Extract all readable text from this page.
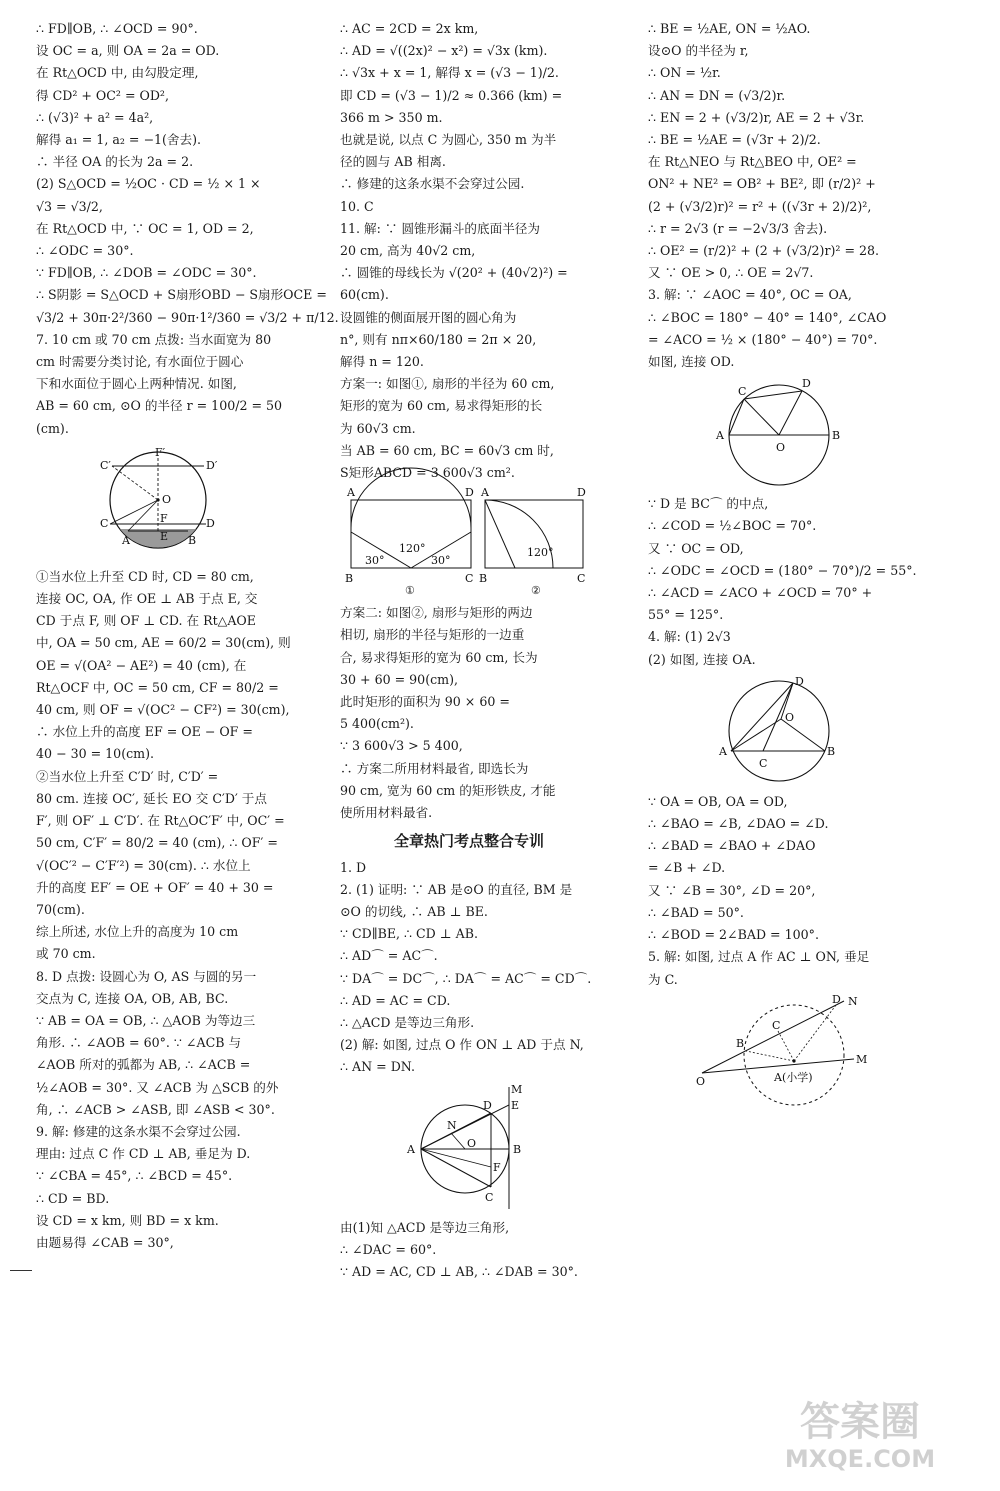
∴ FD∥OB, ∴ ∠OCD = 90°.
设 OC = a, 则 OA = 2a = OD.
在 Rt△OCD 中, 由勾股定理,
得 CD² + OC² = OD²,
∴ (√3)² + a² = 4a²,
解得 a₁ = 1, a₂ = −1(舍去).
∴ 半径 OA 的长为 2a = 2.
(2) S△OCD = ½OC · CD = ½ × 1 ×
√3 = √3/2,
在 Rt△OCD 中, ∵ OC = 1, OD = 2,
∴ ∠ODC = 30°.
∵ FD∥OB, ∴ ∠DOB = ∠ODC = 30°.
∴ S阴影 = S△OCD + S扇形OBD − S扇形OCE =
√3/2 + 30π·2²/360 − 90π·1²/360 = √3/2 + π/12.
7. 10 cm 或 70 cm 点拨: 当水面宽为 80
cm 时需要分类讨论, 有水面位于圆心
下和水面位于圆心上两种情况. 如图,
AB = 60 cm, ⊙O 的半径 r = 100/2 = 50
(cm).
C′
F′
D′
O
C	D
A	B
F
E
①当水位上升至 CD 时, CD = 80 cm,
连接 OC, OA, 作 OE ⊥ AB 于点 E, 交
CD 于点 F, 则 OF ⊥ CD. 在 Rt△AOE
中, OA = 50 cm, AE = 60/2 = 30(cm), 则
OE = √(OA² − AE²) = 40 (cm), 在
Rt△OCF 中, OC = 50 cm, CF = 80/2 =
40 cm, 则 OF = √(OC² − CF²) = 30(cm),
∴ 水位上升的高度 EF = OE − OF =
40 − 30 = 10(cm).
②当水位上升至 C′D′ 时, C′D′ =
80 cm. 连接 OC′, 延长 EO 交 C′D′ 于点
F′, 则 OF′ ⊥ C′D′. 在 Rt△OC′F′ 中, OC′ =
50 cm, C′F′ = 80/2 = 40 (cm), ∴ OF′ =
√(OC′² − C′F′²) = 30(cm). ∴ 水位上
升的高度 EF′ = OE + OF′ = 40 + 30 =
70(cm).
综上所述, 水位上升的高度为 10 cm
或 70 cm.
8. D 点拨: 设圆心为 O, AS 与圆的另一
交点为 C, 连接 OA, OB, AB, BC.
∵ AB = OA = OB, ∴ △AOB 为等边三
角形. ∴ ∠AOB = 60°. ∵ ∠ACB 与
∠AOB 所对的弧都为 AB, ∴ ∠ACB =
½∠AOB = 30°. 又 ∠ACB 为 △SCB 的外
角, ∴ ∠ACB > ∠ASB, 即 ∠ASB < 30°.
9. 解: 修建的这条水渠不会穿过公园.
理由: 过点 C 作 CD ⊥ AB, 垂足为 D.
∵ ∠CBA = 45°, ∴ ∠BCD = 45°.
∴ CD = BD.
设 CD = x km, 则 BD = x km.
由题易得 ∠CAB = 30°,
∴ AC = 2CD = 2x km,
∴ AD = √((2x)² − x²) = √3x (km).
∴ √3x + x = 1, 解得 x = (√3 − 1)/2.
即 CD = (√3 − 1)/2 ≈ 0.366 (km) =
366 m > 350 m.
也就是说, 以点 C 为圆心, 350 m 为半
径的圆与 AB 相离.
∴ 修建的这条水渠不会穿过公园.
10. C
11. 解: ∵ 圆锥形漏斗的底面半径为
20 cm, 高为 40√2 cm,
∴ 圆锥的母线长为 √(20² + (40√2)²) =
60(cm).
设圆锥的侧面展开图的圆心角为
n°, 则有 nπ×60/180 = 2π × 20,
解得 n = 120.
方案一: 如图①, 扇形的半径为 60 cm,
矩形的宽为 60 cm, 易求得矩形的长
为 60√3 cm.
当 AB = 60 cm, BC = 60√3 cm 时,
S矩形ABCD = 3 600√3 cm².
A	D
B	C
30°
120°
30°
①
A	D
B	C
120°
②
方案二: 如图②, 扇形与矩形的两边
相切, 扇形的半径与矩形的一边重
合, 易求得矩形的宽为 60 cm, 长为
30 + 60 = 90(cm),
此时矩形的面积为 90 × 60 =
5 400(cm²).
∵ 3 600√3 > 5 400,
∴ 方案二所用材料最省, 即选长为
90 cm, 宽为 60 cm 的矩形铁皮, 才能
使所用材料最省.
全章热门考点整合专训
1. D
2. (1) 证明: ∵ AB 是⊙O 的直径, BM 是
⊙O 的切线, ∴ AB ⊥ BE.
∵ CD∥BE, ∴ CD ⊥ AB.
∴ AD⌒ = AC⌒.
∵ DA⌒ = DC⌒, ∴ DA⌒ = AC⌒ = CD⌒.
∴ AD = AC = CD.
∴ △ACD 是等边三角形.
(2) 解: 如图, 过点 O 作 ON ⊥ AD 于点 N,
∴ AN = DN.
M
E
D
N
O
A	B
F
C
由(1)知 △ACD 是等边三角形,
∴ ∠DAC = 60°.
∵ AD = AC, CD ⊥ AB, ∴ ∠DAB = 30°.
∴ BE = ½AE, ON = ½AO.
设⊙O 的半径为 r,
∴ ON = ½r.
∴ AN = DN = (√3/2)r.
∴ EN = 2 + (√3/2)r, AE = 2 + √3r.
∴ BE = ½AE = (√3r + 2)/2.
在 Rt△NEO 与 Rt△BEO 中, OE² =
ON² + NE² = OB² + BE², 即 (r/2)² +
(2 + (√3/2)r)² = r² + ((√3r + 2)/2)²,
∴ r = 2√3 (r = −2√3/3 舍去).
∴ OE² = (r/2)² + (2 + (√3/2)r)² = 28.
又 ∵ OE > 0, ∴ OE = 2√7.
3. 解: ∵ ∠AOC = 40°, OC = OA,
∴ ∠BOC = 180° − 40° = 140°, ∠CAO
= ∠ACO = ½ × (180° − 40°) = 70°.
如图, 连接 OD.
C
D
A
O
B
∵ D 是 BC⌒ 的中点,
∴ ∠COD = ½∠BOC = 70°.
又 ∵ OC = OD,
∴ ∠ODC = ∠OCD = (180° − 70°)/2 = 55°.
∴ ∠ACD = ∠ACO + ∠OCD = 70° +
55° = 125°.
4. 解: (1) 2√3
(2) 如图, 连接 OA.
D
O
A
C
B
∵ OA = OB, OA = OD,
∴ ∠BAO = ∠B, ∠DAO = ∠D.
∴ ∠BAD = ∠BAO + ∠DAO
= ∠B + ∠D.
又 ∵ ∠B = 30°, ∠D = 20°,
∴ ∠BAD = 50°.
∴ ∠BOD = 2∠BAD = 100°.
5. 解: 如图, 过点 A 作 AC ⊥ ON, 垂足
为 C.
N
D
C
B
O
M
A(小学)
答案圈
MXQE.COM
